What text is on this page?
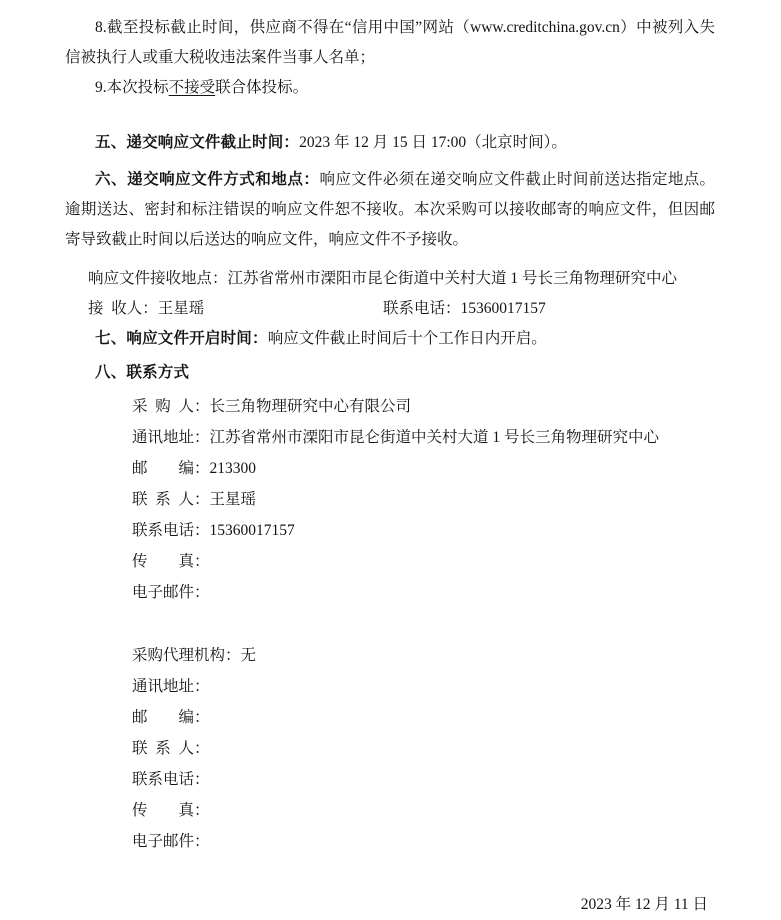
8.截至投标截止时间，供应商不得在“信用中国”网站（www.creditchina.gov.cn）中被列入失信被执行人或重大税收违法案件当事人名单；

9.本次投标不接受联合体投标。

五、递交响应文件截止时间：2023 年 12 月 15 日 17:00（北京时间）。

六、递交响应文件方式和地点：响应文件必须在递交响应文件截止时间前送达指定地点。逾期送达、密封和标注错误的响应文件恕不接收。本次采购可以接收邮寄的响应文件，但因邮寄导致截止时间以后送达的响应文件，响应文件不予接收。

响应文件接收地点：江苏省常州市溧阳市昆仑街道中关村大道 1 号长三角物理研究中心

接  收人：王星瑶	联系电话：15360017157

七、响应文件开启时间：响应文件截止时间后十个工作日内开启。

八、联系方式

采  购  人：长三角物理研究中心有限公司

通讯地址：江苏省常州市溧阳市昆仑街道中关村大道 1 号长三角物理研究中心

邮        编：213300

联  系  人：王星瑶

联系电话：15360017157

传        真：

电子邮件：

采购代理机构：无

通讯地址：

邮        编：

联  系  人：

联系电话：

传        真：

电子邮件：

2023 年 12 月 11 日
